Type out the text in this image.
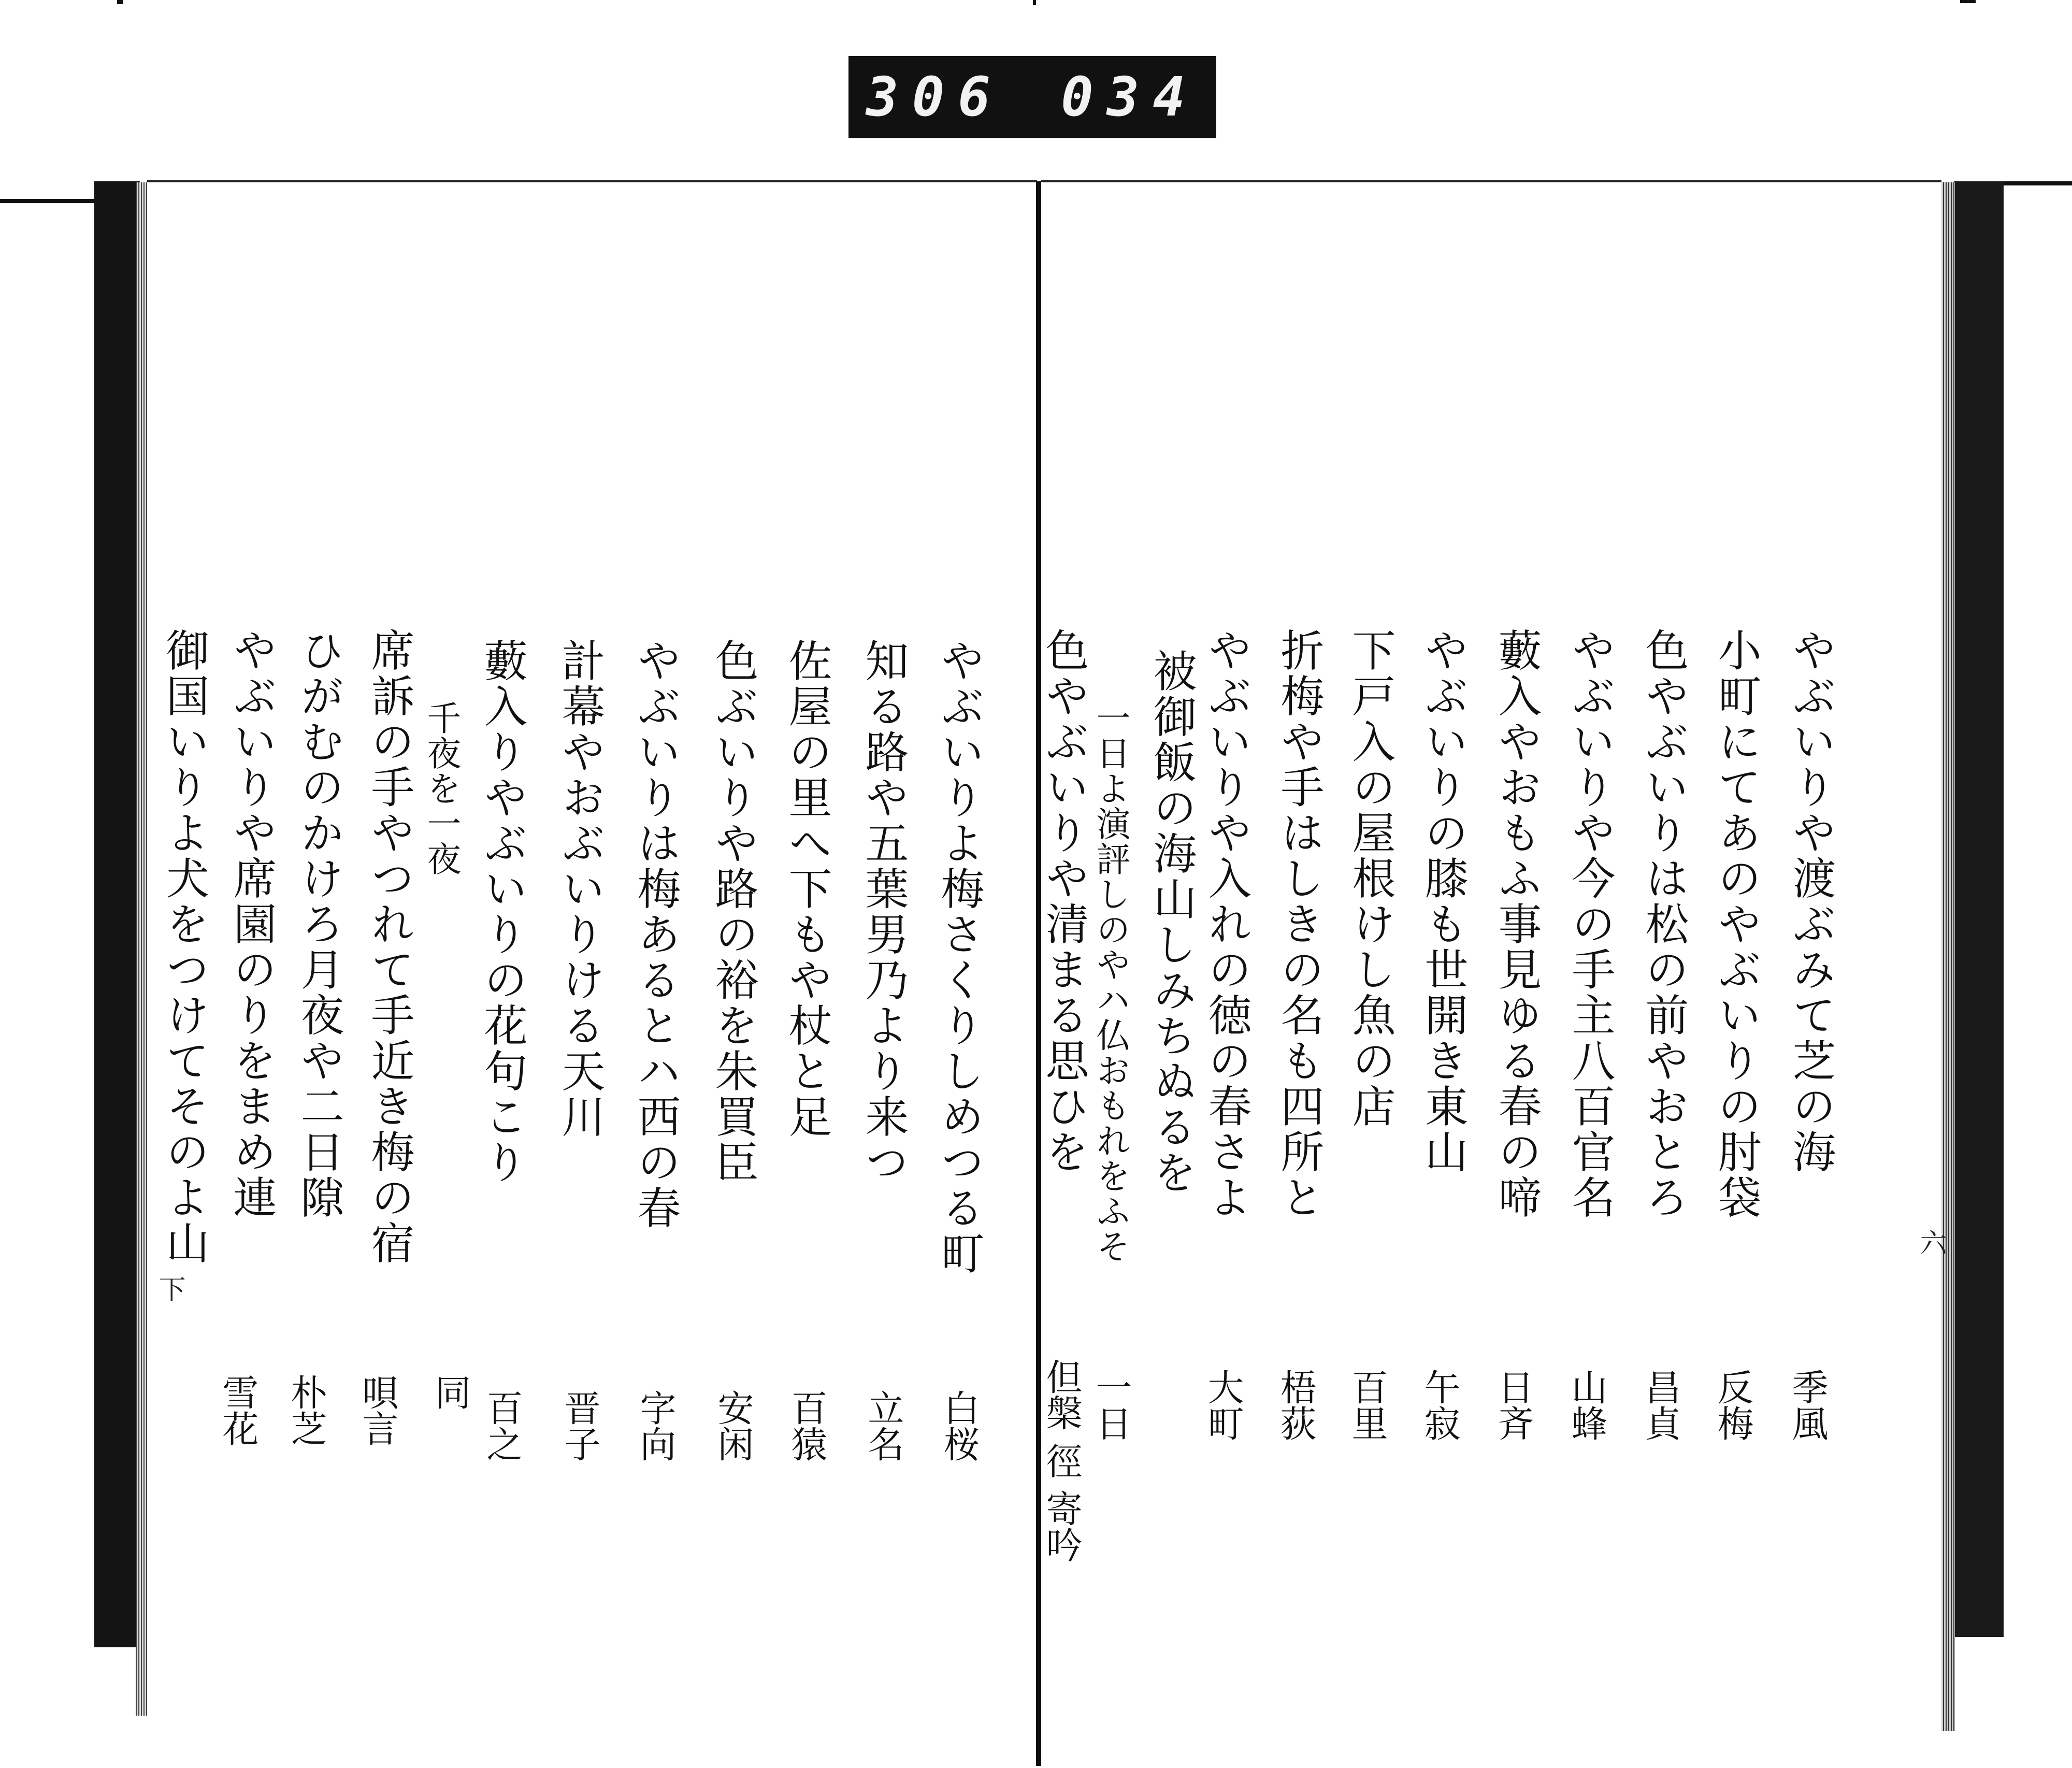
306 034
やぶいりよ梅さくりしめつる町
白桜
知る路や五葉男乃より来つ
立名
佐屋の里へ下もや杖と足
百猿
色ぶいりや路の裕を朱買臣
安闲
やぶいりは梅あるとハ西の春
字向
計幕やおぶいりける天川
晋子
藪入りやぶいりの花句こり
百之
千夜を一夜
席訴の手やつれて手近き梅の宿
同
ひがむのかけろ月夜や二日隙
唄言
やぶいりや席園のりをまめ連
朴芝
御国いりよ犬をつけてそのよ山
雪花
下
やぶいりや渡ぶみて芝の海
季風
小町にてあのやぶいりの肘袋
反梅
色やぶいりは松の前やおとろ
昌貞
やぶいりや今の手主八百官名
山蜂
藪入やおもふ事見ゆる春の啼
日斉
やぶいりの膝も世開き東山
午寂
下戸入の屋根けし魚の店
百里
折梅や手はしきの名も四所と
梧荻
やぶいりや入れの徳の春さよ
大町
被御飯の海山しみちぬるを
一日よ演評しのやハ仏おもれをふそ
一日
色やぶいりや清まる思ひを
但槃 徑 寄吟
六
